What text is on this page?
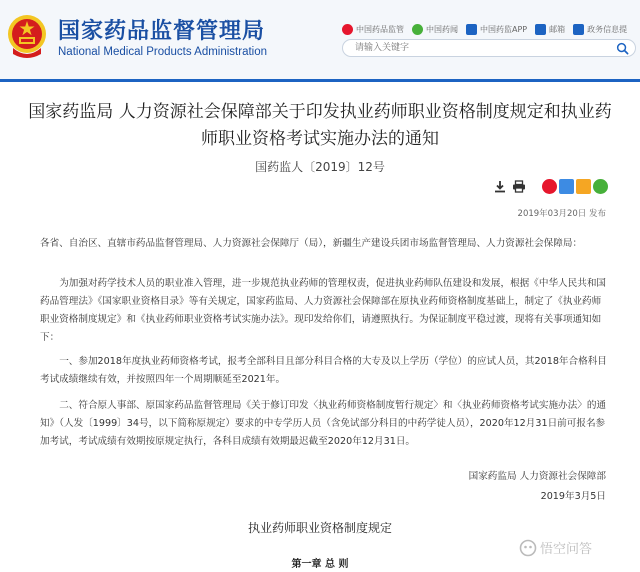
国家药品监督管理局
National Medical Products Administration
中国药品监管	中国药闻	中国药监APP	邮箱	政务信息提
请输入关键字
国家药监局 人力资源社会保障部关于印发执业药师职业资格制度规定和执业药师职业资格考试实施办法的通知
国药监人〔2019〕12号
2019年03月20日 发布
各省、自治区、直辖市药品监督管理局、人力资源社会保障厅（局），新疆生产建设兵团市场监督管理局、人力资源社会保障局：
为加强对药学技术人员的职业准入管理，进一步规范执业药师的管理权责，促进执业药师队伍建设和发展，根据《中华人民共和国药品管理法》《国家职业资格目录》等有关规定，国家药监局、人力资源社会保障部在原执业药师资格制度基础上，制定了《执业药师职业资格制度规定》和《执业药师职业资格考试实施办法》。现印发给你们，请遵照执行。为保证制度平稳过渡，现将有关事项通知如下：
一、参加2018年度执业药师资格考试，报考全部科目且部分科目合格的大专及以上学历（学位）的应试人员，其2018年合格科目考试成绩继续有效，并按照四年一个周期顺延至2021年。
二、符合原人事部、原国家药品监督管理局《关于修订印发〈执业药师资格制度暂行规定〉和〈执业药师资格考试实施办法〉的通知》（人发〔1999〕34号，以下简称原规定）要求的中专学历人员（含免试部分科目的中药学徒人员），2020年12月31日前可报名参加考试，考试成绩有效期按原规定执行，各科目成绩有效期最迟截至2020年12月31日。
国家药监局 人力资源社会保障部
2019年3月5日
执业药师职业资格制度规定
第一章 总 则
悟空问答
